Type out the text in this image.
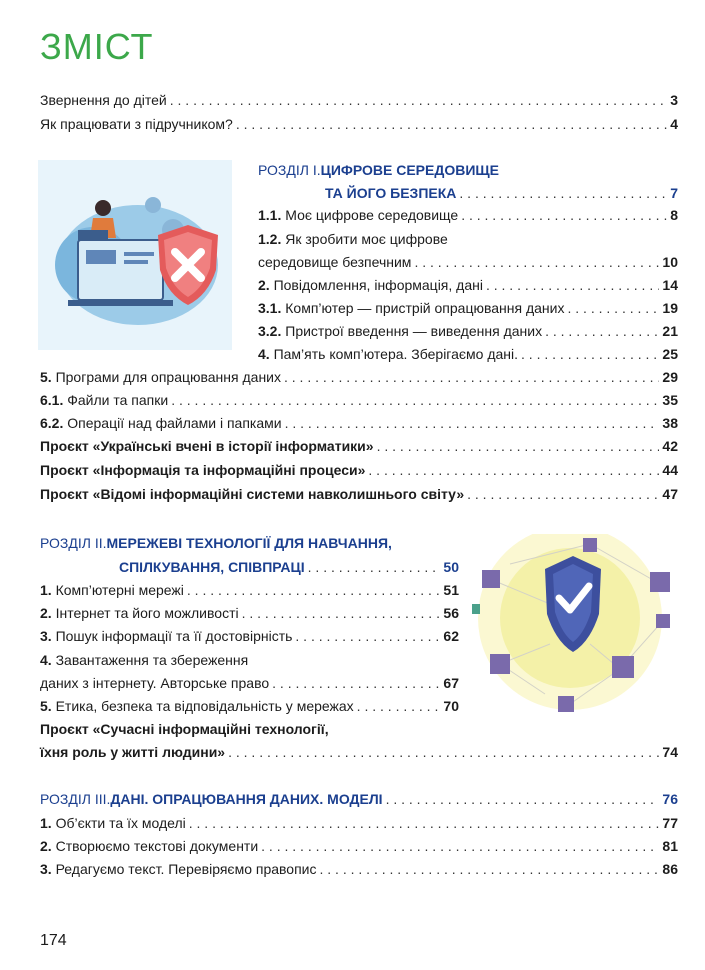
ЗМІСТ
Звернення до дітей . . .	3
Як працювати з підручником? . . .	4
РОЗДІЛ І. ЦИФРОВЕ СЕРЕДОВИЩЕ
ТА ЙОГО БЕЗПЕКА . . .	7
1.1. Моє цифрове середовище . . .	8
1.2. Як зробити моє цифрове
середовище безпечним . . .	10
2. Повідомлення, інформація, дані . . .	14
3.1. Комп’ютер — пристрій опрацювання даних . . .	19
3.2. Пристрої введення — виведення даних . . .	21
4. Пам’ять комп’ютера. Зберігаємо дані. . . .	25
5. Програми для опрацювання даних . . .	29
6.1. Файли та папки . . .	35
6.2. Операції над файлами і папками . . .	38
Проєкт «Українські вчені в історії інформатики» . . .	42
Проєкт «Інформація та інформаційні процеси» . . .	44
Проєкт «Відомі інформаційні системи навколишнього світу» . . .	47
РОЗДІЛ ІІ. МЕРЕЖЕВІ ТЕХНОЛОГІЇ ДЛЯ НАВЧАННЯ,
СПІЛКУВАННЯ, СПІВПРАЦІ . . .	50
1. Комп’ютерні мережі . . .	51
2. Інтернет та його можливості . . .	56
3. Пошук інформації та її достовірність . . .	62
4. Завантаження та збереження
даних з інтернету. Авторське право . . .	67
5. Етика, безпека та відповідальність у мережах . . .	70
Проєкт «Сучасні інформаційні технології,
їхня роль у житті людини» . . .	74
РОЗДІЛ ІІІ. ДАНІ. ОПРАЦЮВАННЯ ДАНИХ. МОДЕЛІ . . .	76
1. Об’єкти та їх моделі . . .	77
2. Створюємо текстові документи . . .	81
3. Редагуємо текст. Перевіряємо правопис . . .	86
174
